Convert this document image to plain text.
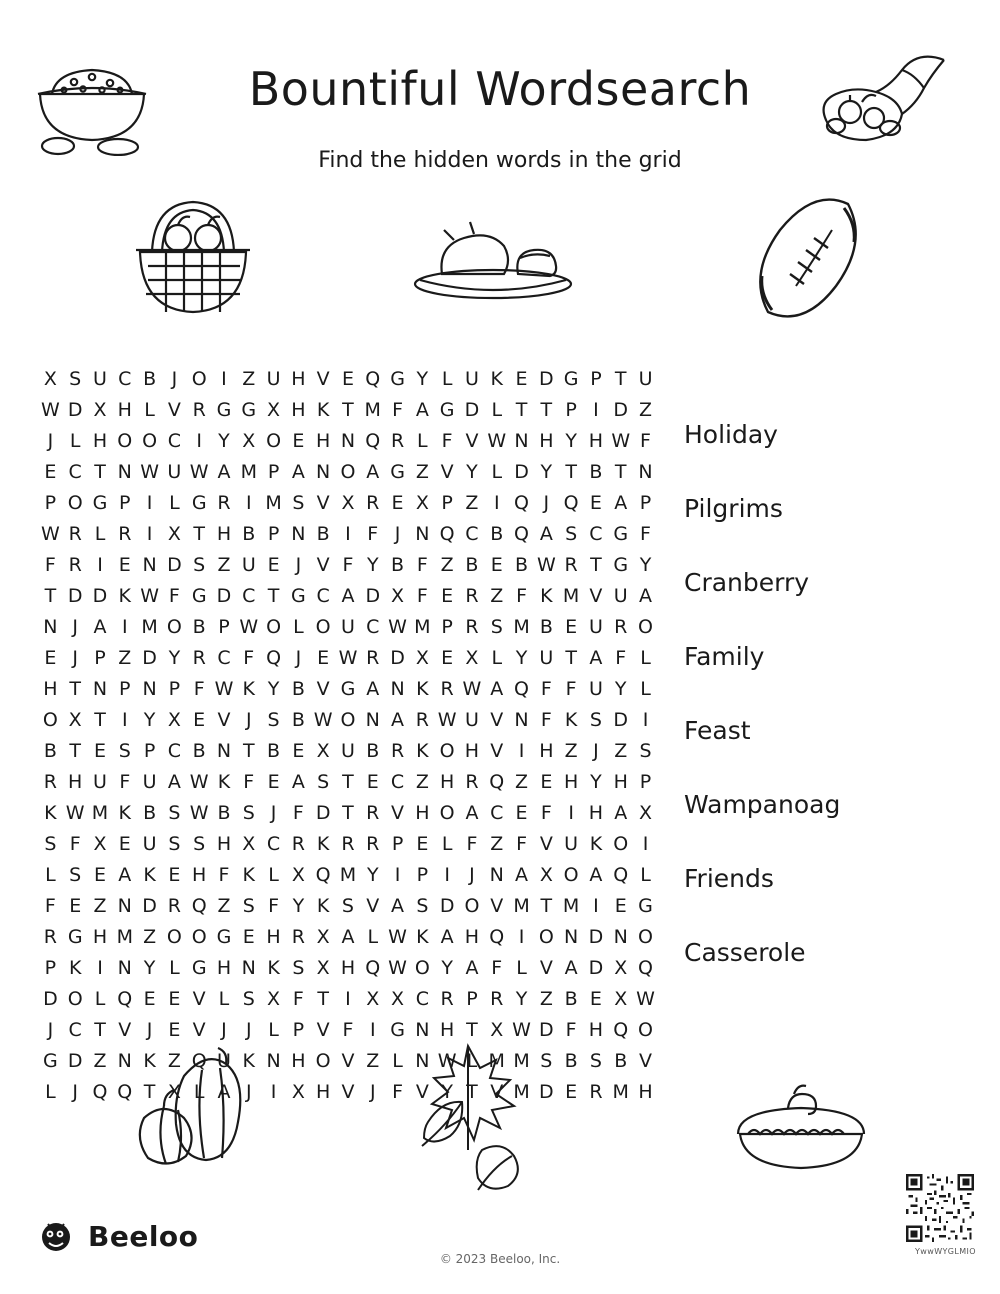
Bountiful Wordsearch
Find the hidden words in the grid
X S U C B J O I Z U H V E Q G Y L U K E D G P T U
W D X H L V R G G X H K T M F A G D L T T P I D Z
J L H O O C I Y X O E H N Q R L F V W N H Y H W F
E C T N W U W A M P A N O A G Z V Y L D Y T B T N
P O G P I L G R I M S V X R E X P Z I Q J Q E A P
W R L R I X T H B P N B I F J N Q C B Q A S C G F
F R I E N D S Z U E J V F Y B F Z B E B W R T G Y
T D D K W F G D C T G C A D X F E R Z F K M V U A
N J A I M O B P W O L O U C W M P R S M B E U R O
E J P Z D Y R C F Q J E W R D X E X L Y U T A F L
H T N P N P F W K Y B V G A N K R W A Q F F U Y L
O X T I Y X E V J S B W O N A R W U V N F K S D I
B T E S P C B N T B E X U B R K O H V I H Z J Z S
R H U F U A W K F E A S T E C Z H R Q Z E H Y H P
K W M K B S W B S J F D T R V H O A C E F I H A X
S F X E U S S H X C R K R R P E L F Z F V U K O I
L S E A K E H F K L X Q M Y I P I	J N A X O A Q L
F E Z N D R Q Z S F Y K S V A S D O V M T M I E G
R G H M Z O O G E H R X A L W K A H Q I O N D N O
P K I N Y L G H N K S X H Q W O Y A F L V A D X Q
D O L Q E E V L S X F T I X X C R P R Y Z B E X W
J C T V J E V J	J L P V F I G N H T X W D F H Q O
G D Z N K Z Q U K N H O V Z L N W L M M S B S B V
L J Q Q T X L A J	I X H V J F V Y T V M D E R M H
Holiday
Pilgrims
Cranberry
Family
Feast
Wampanoag
Friends
Casserole
Beeloo
© 2023 Beeloo, Inc.
YwwWYGLMIO
